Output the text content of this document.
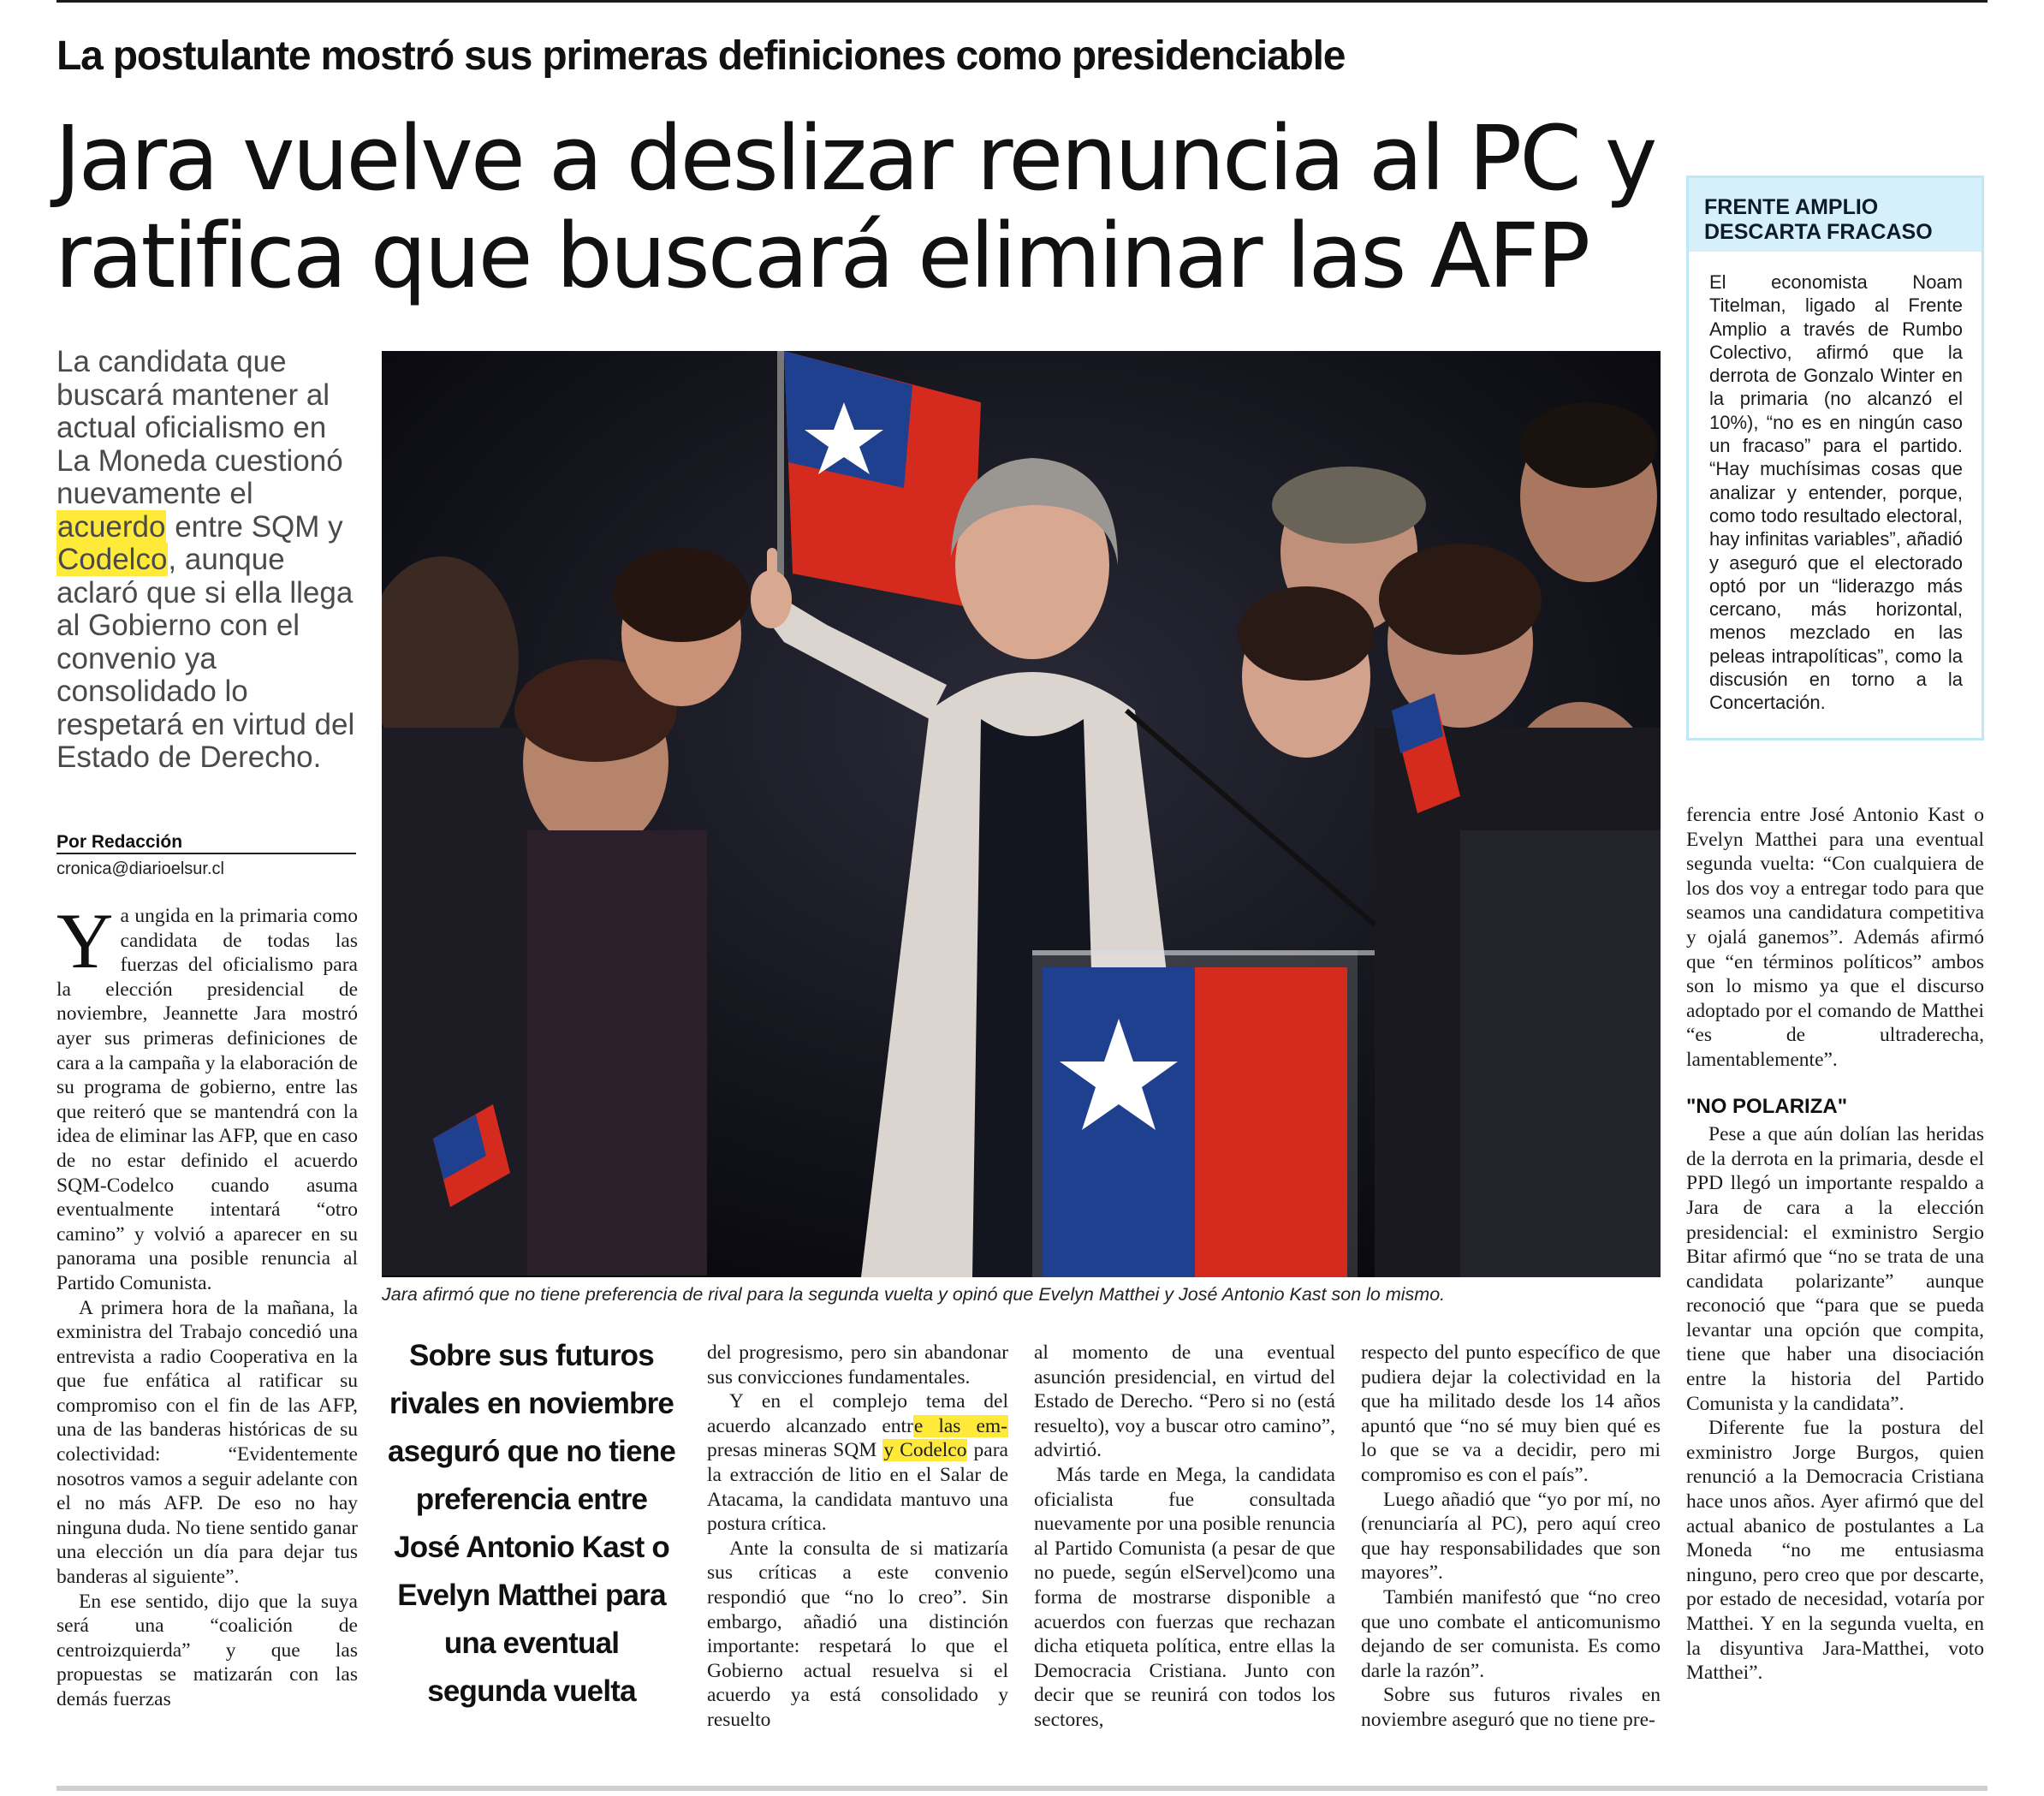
La postulante mostró sus primeras definiciones como presidenciable
Jara vuelve a deslizar renuncia al PC y
ratifica que buscará eliminar las AFP
La candidata que buscará mantener al actual oficialismo en La Moneda cuestionó nuevamente el acuerdo entre SQM y Codelco, aunque aclaró que si ella llega al Gobierno con el convenio ya consolidado lo respetará en virtud del Estado de Derecho.
Por Redacción
cronica@diarioelsur.cl

Ya ungida en la primaria como candidata de todas las fuerzas del oficialismo para la elección presidencial de noviembre, Jeannette Jara mostró ayer sus primeras definiciones de cara a la campaña y la elaboración de su programa de gobierno, entre las que reiteró que se mantendrá con la idea de eliminar las AFP, que en caso de no estar definido el acuerdo SQM-Codelco cuando asuma eventualmente intentará “otro camino” y volvió a aparecer en su panorama una posible renuncia al Partido Comunista.

A primera hora de la mañana, la exministra del Trabajo concedió una entrevista a radio Cooperativa en la que fue enfática al ratificar su compromiso con el fin de las AFP, una de las banderas históricas de su colectividad: “Evidentemente nosotros vamos a seguir adelante con el no más AFP. De eso no hay ninguna duda. No tiene sentido ganar una elección un día para dejar tus banderas al siguiente”.

En ese sentido, dijo que la suya será una “coalición de centroizquierda” y que las propuestas se matizarán con las demás fuerzas

Jara afirmó que no tiene preferencia de rival para la segunda vuelta y opinó que Evelyn Matthei y José Antonio Kast son lo mismo.
Sobre sus futuros rivales en noviembre aseguró que no tiene preferencia entre José Antonio Kast o Evelyn Matthei para una eventual segunda vuelta

del progresismo, pero sin abandonar sus convicciones fundamentales.

Y en el complejo tema del acuerdo alcanzado entre las em- presas mineras SQM y Codelco para la extracción de litio en el Salar de Atacama, la candidata mantuvo una postura crítica.

Ante la consulta de si matizaría sus críticas a este convenio respondió que “no lo creo”. Sin embargo, añadió una distinción importante: respetará lo que el Gobierno actual resuelva si el acuerdo ya está consolidado y resuelto

al momento de una eventual asunción presidencial, en virtud del Estado de Derecho. “Pero si no (está resuelto), voy a buscar otro camino”, advirtió.

Más tarde en Mega, la candidata oficialista fue consultada nuevamente por una posible renuncia al Partido Comunista (a pesar de que no puede, según elServel)como una forma de mostrarse disponible a acuerdos con fuerzas que rechazan dicha etiqueta política, entre ellas la Democracia Cristiana. Junto con decir que se reunirá con todos los sectores,

respecto del punto específico de que pudiera dejar la colectividad en la que ha militado desde los 14 años apuntó que “no sé muy bien qué es lo que se va a decidir, pero mi compromiso es con el país”.

Luego añadió que “yo por mí, no (renunciaría al PC), pero aquí creo que hay responsabilidades que son mayores”.

También manifestó que “no creo que uno combate el anticomunismo dejando de ser comunista. Es como darle la razón”.

Sobre sus futuros rivales en noviembre aseguró que no tiene pre-

FRENTE AMPLIO DESCARTA FRACASO
El economista Noam Titelman, ligado al Frente Amplio a través de Rumbo Colectivo, afirmó que la derrota de Gonzalo Winter en la primaria (no alcanzó el 10%), “no es en ningún caso un fracaso” para el partido. “Hay muchísimas cosas que analizar y entender, porque, como todo resultado electoral, hay infinitas variables”, añadió y aseguró que el electorado optó por un “liderazgo más cercano, más horizontal, menos mezclado en las peleas intrapolíticas”, como la discusión en torno a la Concertación.

ferencia entre José Antonio Kast o Evelyn Matthei para una eventual segunda vuelta: “Con cualquiera de los dos voy a entregar todo para que seamos una candidatura competitiva y ojalá ganemos”. Además afirmó que “en términos políticos” ambos son lo mismo ya que el discurso adoptado por el comando de Matthei “es de ultraderecha, lamentablemente”.

"NO POLARIZA"

Pese a que aún dolían las heridas de la derrota en la primaria, desde el PPD llegó un importante respaldo a Jara de cara a la elección presidencial: el exministro Sergio Bitar afirmó que “no se trata de una candidata polarizante” aunque reconoció que “para que se pueda levantar una opción que compita, tiene que haber una disociación entre la historia del Partido Comunista y la candidata”.

Diferente fue la postura del exministro Jorge Burgos, quien renunció a la Democracia Cristiana hace unos años. Ayer afirmó que del actual abanico de postulantes a La Moneda “no me entusiasma ninguno, pero creo que por descarte, por estado de necesidad, votaría por Matthei. Y en la segunda vuelta, en la disyuntiva Jara-Matthei, voto Matthei”.
